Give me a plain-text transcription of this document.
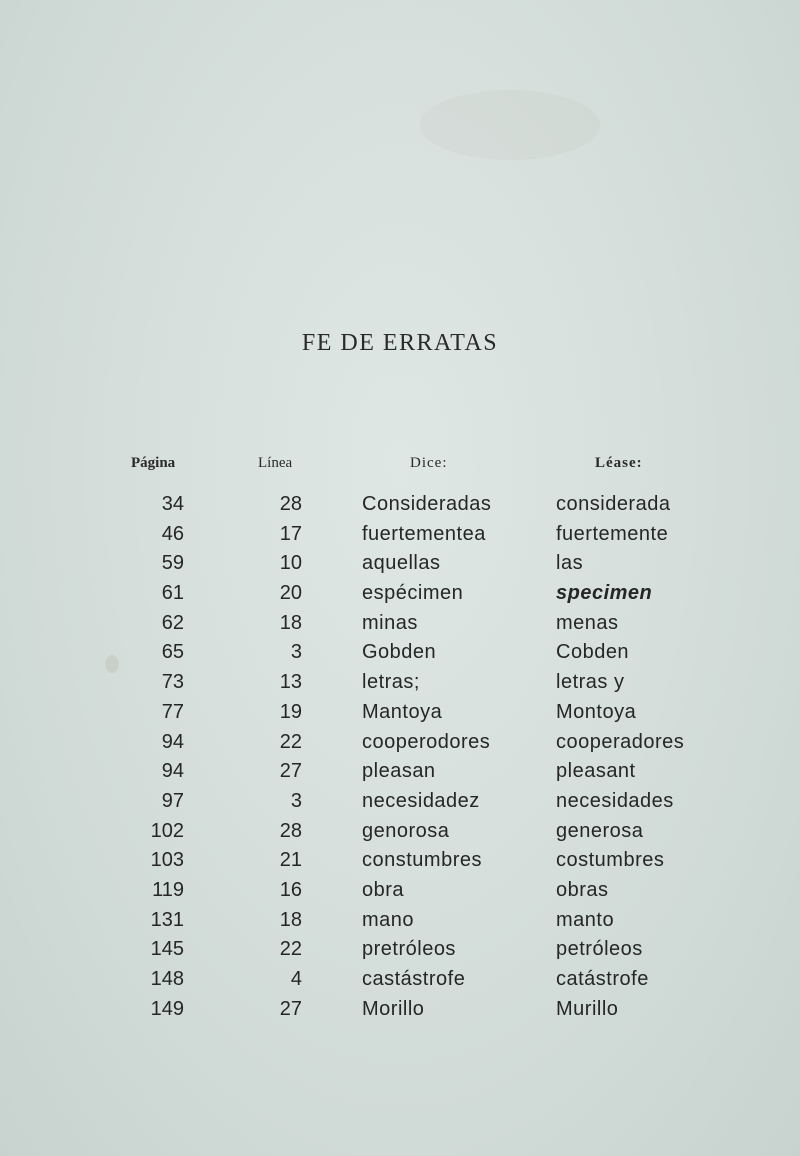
FE DE ERRATAS
Página	Línea	Dice:	Léase:
34	28	Consideradas	considerada
46	17	fuertementea	fuertemente
59	10	aquellas	las
61	20	espécimen	specimen
62	18	minas	menas
65	3	Gobden	Cobden
73	13	letras;	letras y
77	19	Mantoya	Montoya
94	22	cooperodores	cooperadores
94	27	pleasan	pleasant
97	3	necesidadez	necesidades
102	28	genorosa	generosa
103	21	constumbres	costumbres
119	16	obra	obras
131	18	mano	manto
145	22	pretróleos	petróleos
148	4	castástrofe	catástrofe
149	27	Morillo	Murillo
